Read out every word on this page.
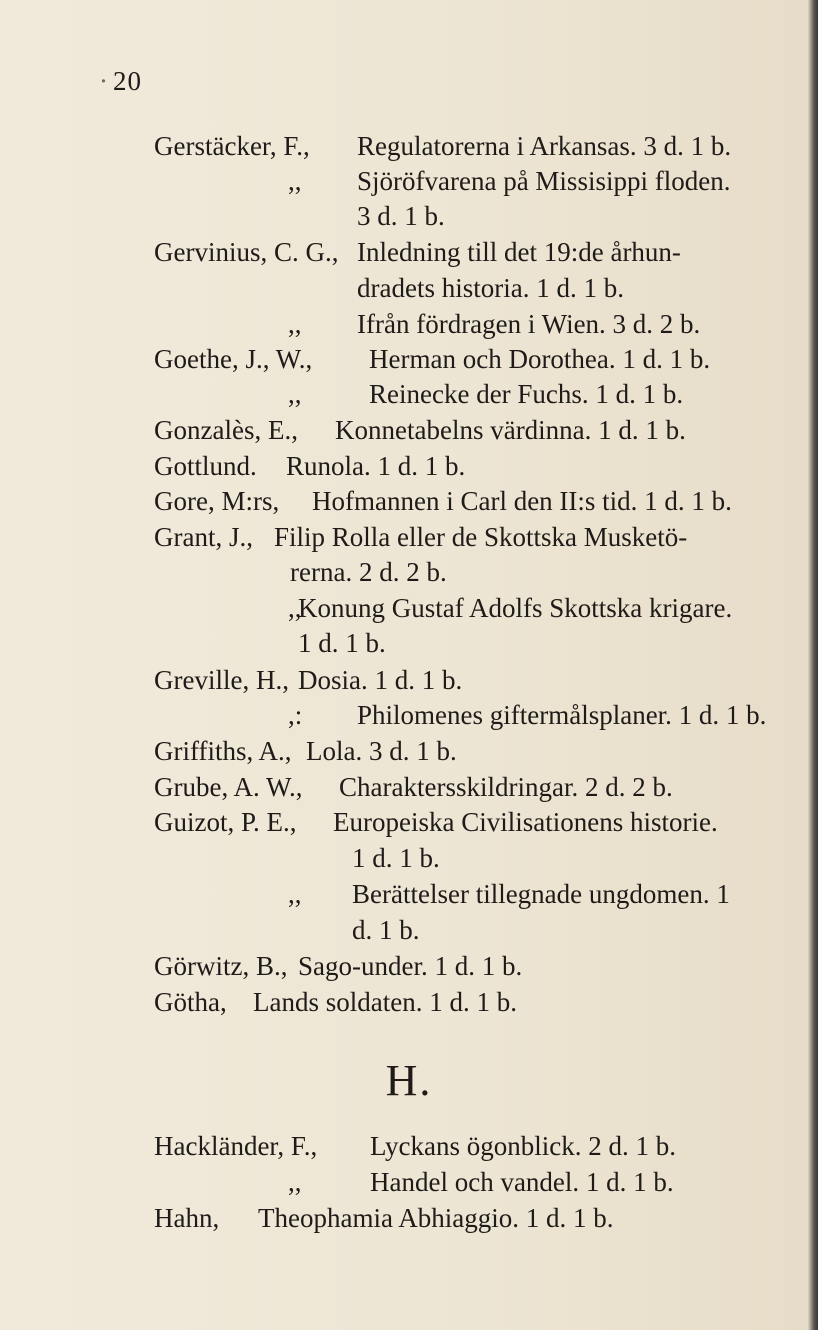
· 20
Gerstäcker, F., Regulatorerna i Arkansas. 3 d. 1 b.
,, Sjöröfvarena på Missisippi floden.
3 d. 1 b.
Gervinius, C. G., Inledning till det 19:de århun-
dradets historia. 1 d. 1 b.
,, Ifrån fördragen i Wien. 3 d. 2 b.
Goethe, J., W., Herman och Dorothea. 1 d. 1 b.
,,	Reinecke der Fuchs. 1 d. 1 b.
Gonzalès, E., Konnetabelns värdinna. 1 d. 1 b.
Gottlund. Runola. 1 d. 1 b.
Gore, M:rs, Hofmannen i Carl den II:s tid. 1 d. 1 b.
Grant, J., Filip Rolla eller de Skottska Musketö-
rerna. 2 d. 2 b.
,,
Konung Gustaf Adolfs Skottska krigare.
1 d. 1 b.
Greville, H., Dosia. 1 d. 1 b.
,: Philomenes giftermålsplaner. 1 d. 1 b.
Griffiths, A., Lola. 3 d. 1 b.
Grube, A. W., Charaktersskildringar. 2 d. 2 b.
Guizot, P. E., Europeiska Civilisationens historie.
1 d. 1 b.
,, Berättelser tillegnade ungdomen. 1
d. 1 b.
Görwitz, B., Sago-under. 1 d. 1 b.
Götha, Lands soldaten. 1 d. 1 b.
H.
Hackländer, F., Lyckans ögonblick. 2 d. 1 b.
,,	Handel och vandel. 1 d. 1 b.
Hahn, Theophamia Abhiaggio. 1 d. 1 b.
